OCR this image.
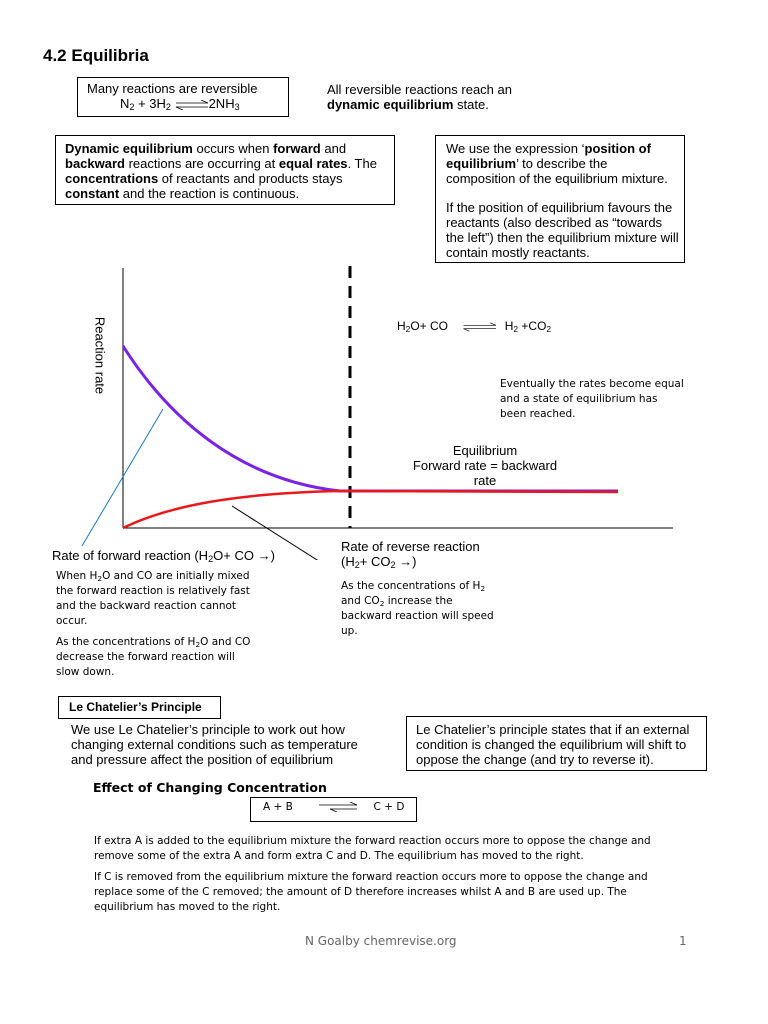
4.2 Equilibria
Many reactions are reversible
$N_2 + 3H_2$ $\rightleftharpoons 2NH_3$
All reversible reactions reach an
dynamic equilibrium state.
Dynamic equilibrium occurs when forward and
backward reactions are occurring at equal rates. The
concentrations of reactants and products stays
constant and the reaction is continuous.
We use the expression ‘position of
equilibrium’ to describe the
composition of the equilibrium mixture.
If the position of equilibrium favours the
reactants (also described as “towards
the left”) then the equilibrium mixture will
contain mostly reactants.
Reaction rate	$H_2O+$ CO	$H_2 +CO_2$
Eventually the rates become equal
and a state of equilibrium has
been reached.
Equilibrium
Forward rate = backward rate
Rate of forward reaction ($H_2O+$ CO →)
Rate of reverse reaction
($H_2+ CO_2$ →)
When $H_2O$ and CO are initially mixed
the forward reaction is relatively fast
and the backward reaction cannot
occur.
As the concentrations of $H_2O$ and CO
decrease the forward reaction will
slow down.
As the concentrations of $H_2$
and $CO_2$ increase the
backward reaction will speed
up.
Le Chatelier’s Principle
We use Le Chatelier’s principle to work out how
changing external conditions such as temperature
and pressure affect the position of equilibrium
Le Chatelier’s principle states that if an external
condition is changed the equilibrium will shift to
oppose the change (and try to reverse it).
Effect of Changing Concentration
A + B ⇌ C + D
If extra A is added to the equilibrium mixture the forward reaction occurs more to oppose the change and
remove some of the extra A and form extra C and D. The equilibrium has moved to the right.
If C is removed from the equilibrium mixture the forward reaction occurs more to oppose the change and
replace some of the C removed; the amount of D therefore increases whilst A and B are used up. The
equilibrium has moved to the right.
N Goalby chemrevise.org	1
